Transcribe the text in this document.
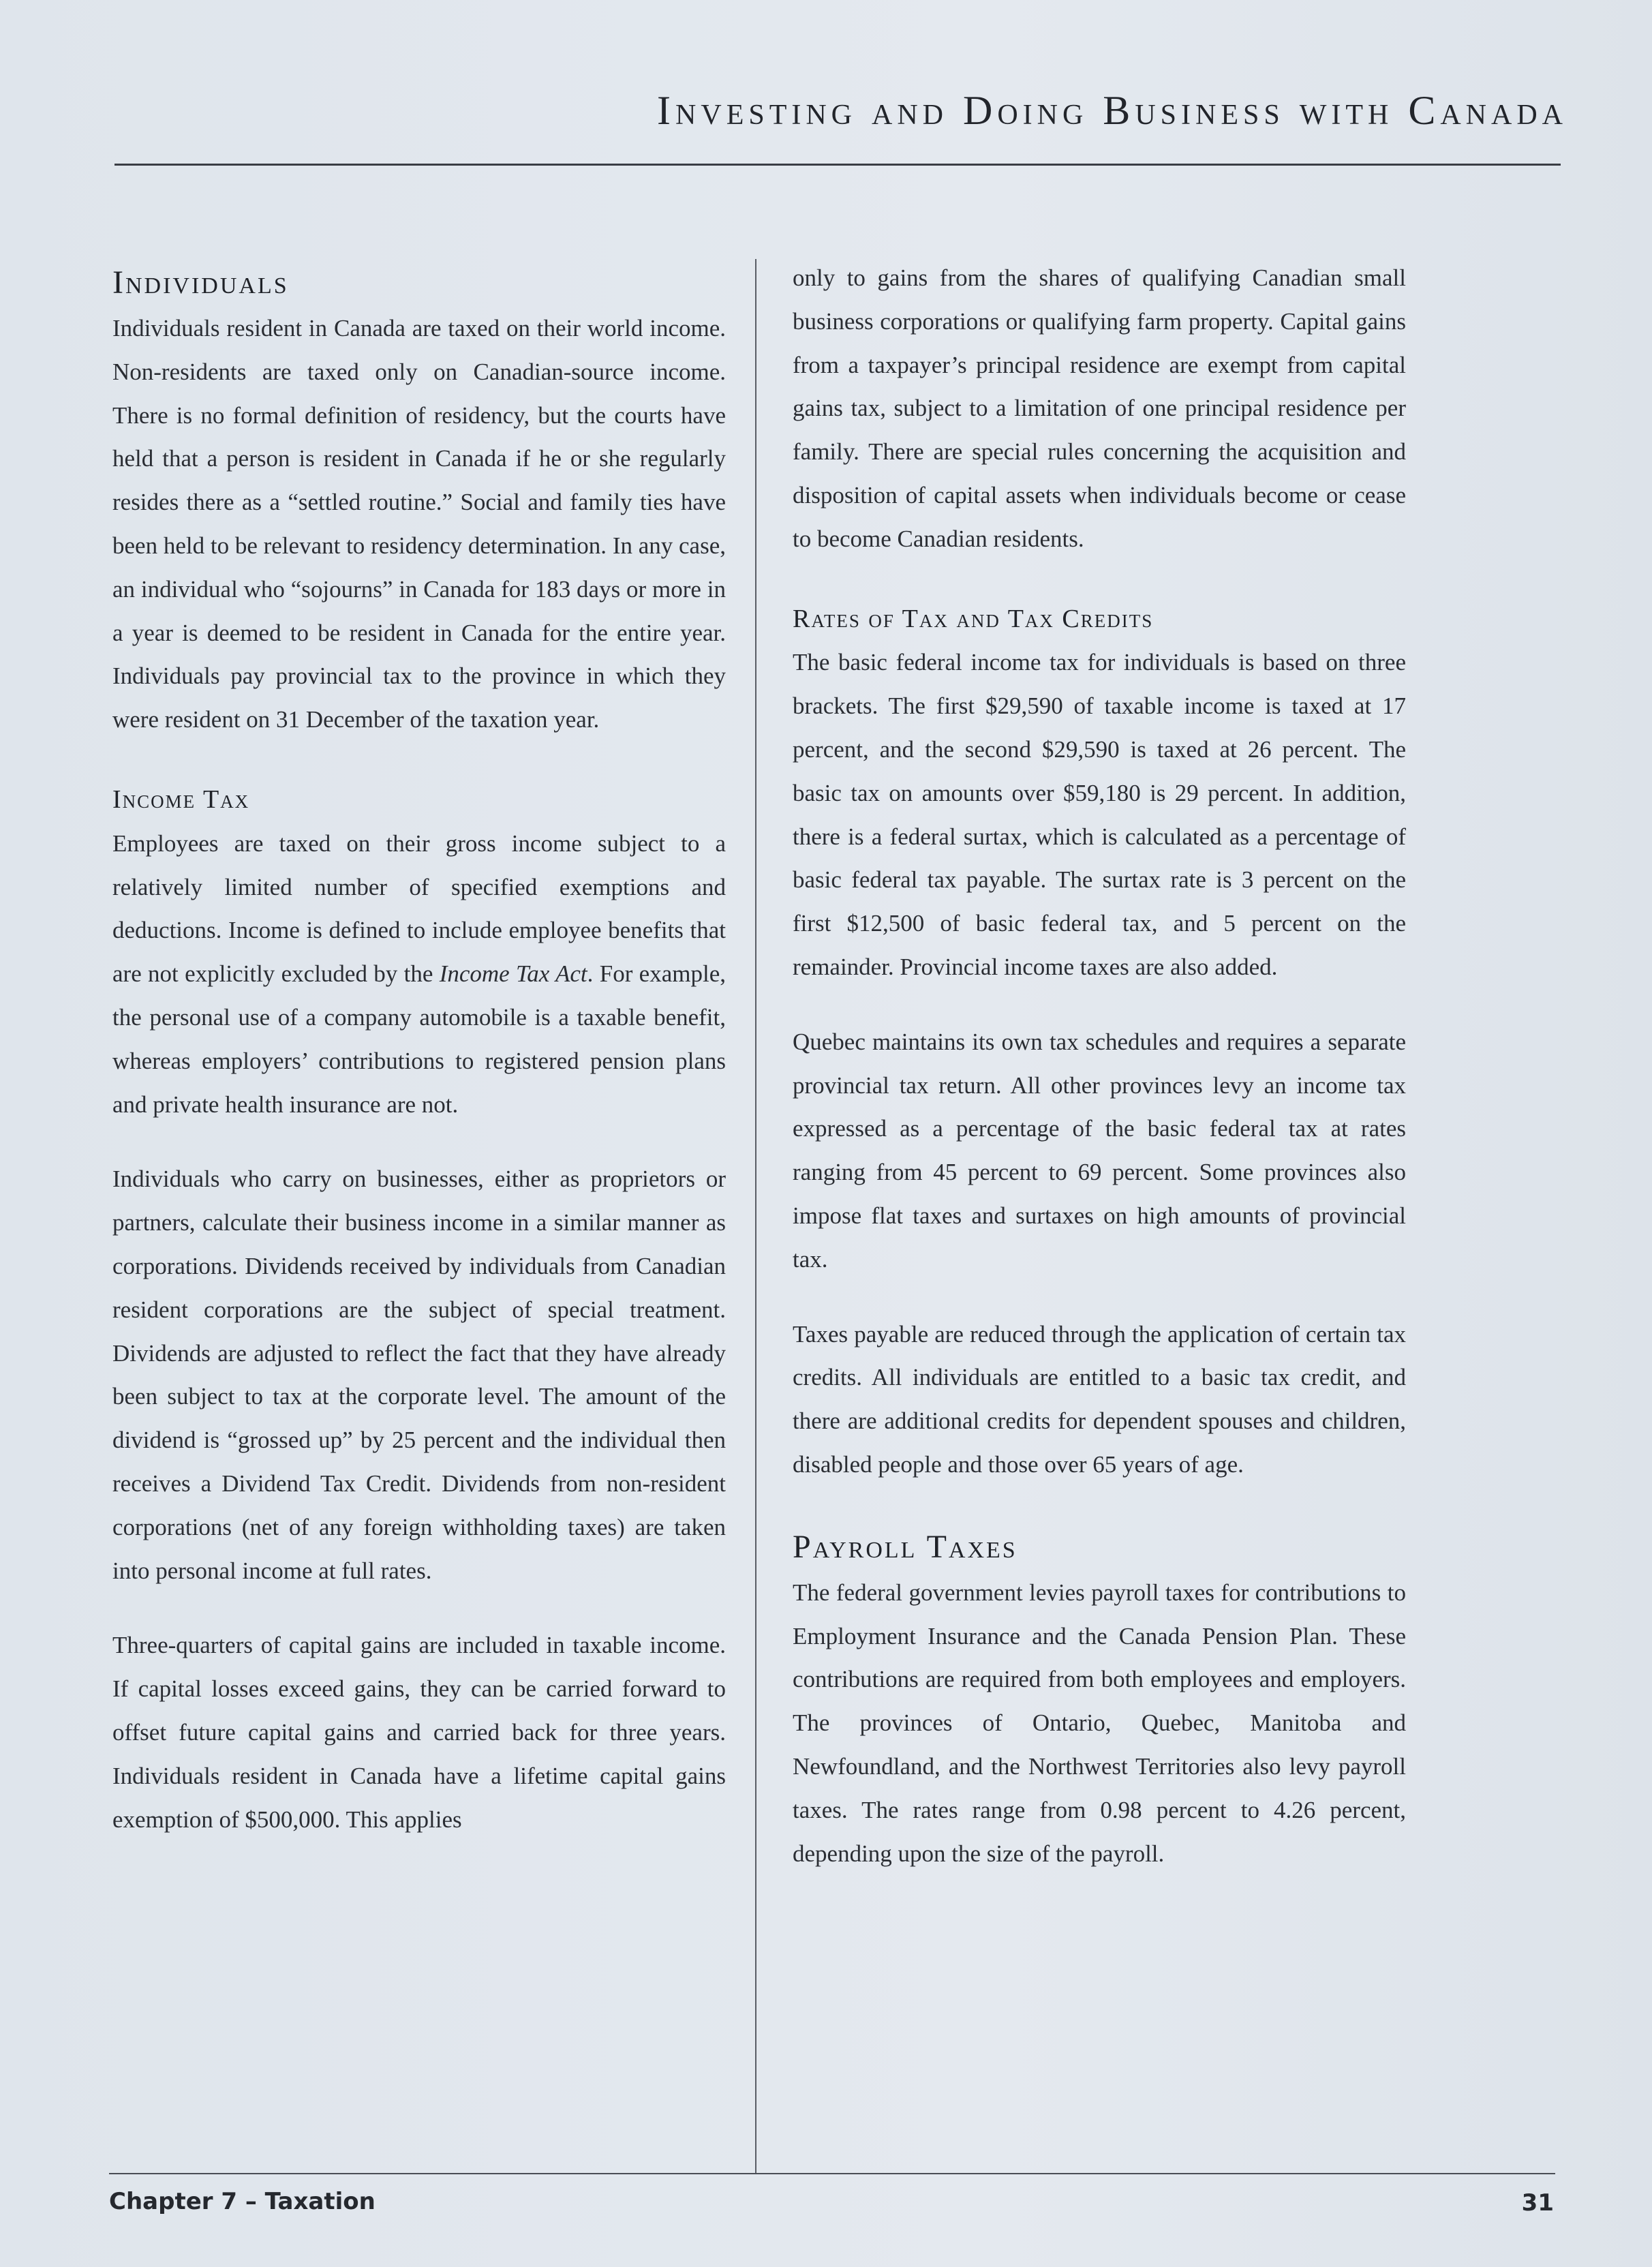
Investing and Doing Business with Canada
Individuals

Individuals resident in Canada are taxed on their world income. Non-residents are taxed only on Canadian-source income. There is no formal definition of residency, but the courts have held that a person is resident in Canada if he or she regularly resides there as a “settled routine.” Social and family ties have been held to be relevant to residency determination. In any case, an individual who “sojourns” in Canada for 183 days or more in a year is deemed to be resident in Canada for the entire year. Individuals pay provincial tax to the province in which they were resident on 31 December of the taxation year.

Income Tax

Employees are taxed on their gross income subject to a relatively limited number of specified exemptions and deductions. Income is defined to include employee benefits that are not explicitly excluded by the Income Tax Act. For example, the personal use of a company automobile is a taxable benefit, whereas employers’ contributions to registered pension plans and private health insurance are not.

Individuals who carry on businesses, either as proprietors or partners, calculate their business income in a similar manner as corporations. Dividends received by individuals from Canadian resident corporations are the subject of special treatment. Dividends are adjusted to reflect the fact that they have already been subject to tax at the corporate level. The amount of the dividend is “grossed up” by 25 percent and the individual then receives a Dividend Tax Credit. Dividends from non-resident corporations (net of any foreign withholding taxes) are taken into personal income at full rates.

Three-quarters of capital gains are included in taxable income. If capital losses exceed gains, they can be carried forward to offset future capital gains and carried back for three years. Individuals resident in Canada have a lifetime capital gains exemption of $500,000. This applies

only to gains from the shares of qualifying Canadian small business corporations or qualifying farm property. Capital gains from a taxpayer’s principal residence are exempt from capital gains tax, subject to a limitation of one principal residence per family. There are special rules concerning the acquisition and disposition of capital assets when individuals become or cease to become Canadian residents.

Rates of Tax and Tax Credits

The basic federal income tax for individuals is based on three brackets. The first $29,590 of taxable income is taxed at 17 percent, and the second $29,590 is taxed at 26 percent. The basic tax on amounts over $59,180 is 29 percent. In addition, there is a federal surtax, which is calculated as a percentage of basic federal tax payable. The surtax rate is 3 percent on the first $12,500 of basic federal tax, and 5 percent on the remainder. Provincial income taxes are also added.

Quebec maintains its own tax schedules and requires a separate provincial tax return. All other provinces levy an income tax expressed as a percentage of the basic federal tax at rates ranging from 45 percent to 69 percent. Some provinces also impose flat taxes and surtaxes on high amounts of provincial tax.

Taxes payable are reduced through the application of certain tax credits. All individuals are entitled to a basic tax credit, and there are additional credits for dependent spouses and children, disabled people and those over 65 years of age.

Payroll Taxes

The federal government levies payroll taxes for contributions to Employment Insurance and the Canada Pension Plan. These contributions are required from both employees and employers. The provinces of Ontario, Quebec, Manitoba and Newfoundland, and the Northwest Territories also levy payroll taxes. The rates range from 0.98 percent to 4.26 percent, depending upon the size of the payroll.

Chapter 7 – Taxation	31
